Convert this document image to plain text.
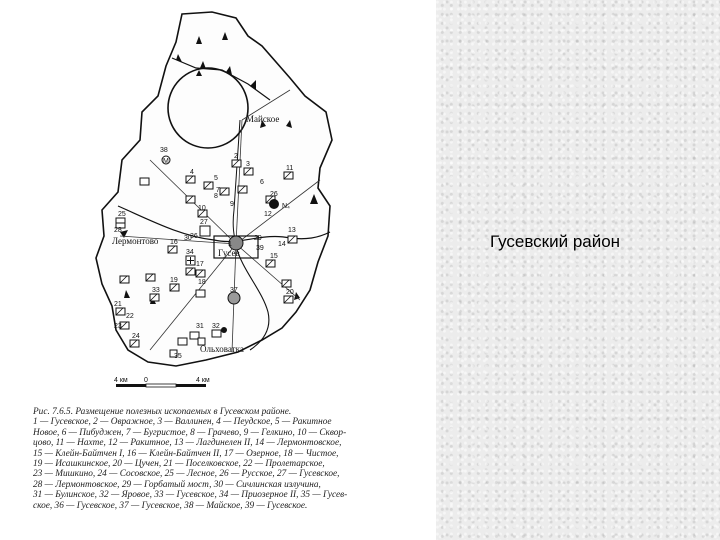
Гусевский район
M
Майское
Лермонтово
Гусев
Ольховатка
N₄
1
2
3
4
5
6
7
8
9
10
11
12
13
14
15
16
17
18
19
20
21
22
23
24
25
26
27
28
29
30
31 32
33
34
35
36
37
38
39
4 км 0	4 км
Рис. 7.6.5. Размещение полезных ископаемых в Гусевском районе.
1 — Гусевское, 2 — Овражное, 3 — Валлинен, 4 — Пеудское, 5 — Ракитное
Новое, 6 — Пибуджен, 7 — Бугристое, 8 — Грачево, 9 — Гелкино, 10 — Сквор-
цово, 11 — Нахте, 12 — Ракитное, 13 — Лагдинелен II, 14 — Лермонтовское,
15 — Клейн-Байтчен I, 16 — Клейн-Байтчен II, 17 — Озерное, 18 — Чистое,
19 — Исашкинское, 20 — Цучен, 21 — Поселковское, 22 — Пролетарское,
23 — Мишкино, 24 — Сосовское, 25 — Лесное, 26 — Русское, 27 — Гусевское,
28 — Лермонтовское, 29 — Горбатый мост, 30 — Сичлинская излучина,
31 — Булинское, 32 — Яровое, 33 — Гусевское, 34 — Приозерное II, 35 — Гусев-
ское, 36 — Гусевское, 37 — Гусевское, 38 — Майское, 39 — Гусевское.
